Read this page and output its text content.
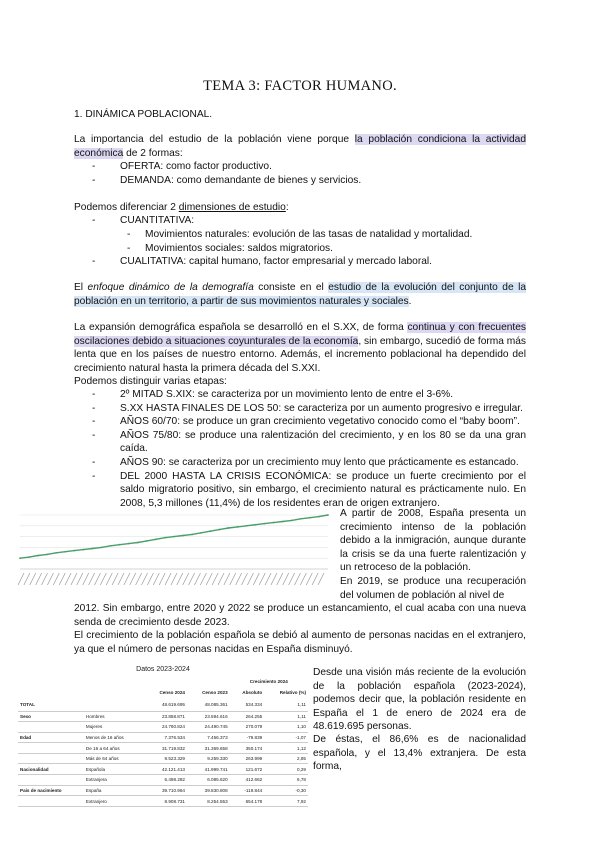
TEMA 3: FACTOR HUMANO.
1. DINÁMICA POBLACIONAL.
La importancia del estudio de la población viene porque la población condiciona la actividad económica de 2 formas:
- OFERTA: como factor productivo.
- DEMANDA: como demandante de bienes y servicios.
Podemos diferenciar 2 dimensiones de estudio:
- CUANTITATIVA:
- Movimientos naturales: evolución de las tasas de natalidad y mortalidad.
- Movimientos sociales: saldos migratorios.
- CUALITATIVA: capital humano, factor empresarial y mercado laboral.
El enfoque dinámico de la demografía consiste en el estudio de la evolución del conjunto de la población en un territorio, a partir de sus movimientos naturales y sociales.
La expansión demográfica española se desarrolló en el S.XX, de forma continua y con frecuentes oscilaciones debido a situaciones coyunturales de la economía, sin embargo, sucedió de forma más lenta que en los países de nuestro entorno. Además, el incremento poblacional ha dependido del crecimiento natural hasta la primera década del S.XXI.
Podemos distinguir varias etapas:
- 2º MITAD S.XIX: se caracteriza por un movimiento lento de entre el 3-6%.
- S.XX HASTA FINALES DE LOS 50: se caracteriza por un aumento progresivo e irregular.
- AÑOS 60/70: se produce un gran crecimiento vegetativo conocido como el “baby boom”.
- AÑOS 75/80: se produce una ralentización del crecimiento, y en los 80 se da una gran caída.
- AÑOS 90: se caracteriza por un crecimiento muy lento que prácticamente es estancado.
- DEL 2000 HASTA LA CRISIS ECONÓMICA: se produce un fuerte crecimiento por el saldo migratorio positivo, sin embargo, el crecimiento natural es prácticamente nulo. En 2008, 5,3 millones (11,4%) de los residentes eran de origen extranjero.
A partir de 2008, España presenta un crecimiento intenso de la población debido a la inmigración, aunque durante la crisis se da una fuerte ralentización y un retroceso de la población.
En 2019, se produce una recuperación del volumen de población al nivel de
2012. Sin embargo, entre 2020 y 2022 se produce un estancamiento, el cual acaba con una nueva senda de crecimiento desde 2023.
El crecimiento de la población española se debió al aumento de personas nacidas en el extranjero, ya que el número de personas nacidas en España disminuyó.
Datos 2023-2024
				Crecimiento 2024	
		Censo 2024	Censo 2023	Absoluto	Relativo (%)
TOTAL		48.619.695	48.085.361	534.334	1,11
Sexo	Hombres	23.858.871	23.594.616	264.255	1,11
	Mujeres	24.760.824	24.490.745	270.079	1,10
Edad	Menos de 16 años	7.376.534	7.456.373	-79.839	-1,07
	De 16 a 64 años	31.719.832	31.369.658	350.174	1,12
	Más de 64 años	9.523.329	9.259.330	263.999	2,85
Nacionalidad	Española	42.121.413	41.999.741	121.672	0,29
	Extranjera	6.498.282	6.085.620	412.662	6,78
País de nacimiento	España	39.710.964	39.830.808	-119.844	-0,30
	Extranjero	8.908.731	8.254.553	654.178	7,92
Desde una visión más reciente de la evolución de la población española (2023-2024), podemos decir que, la población residente en España el 1 de enero de 2024 era de 48.619.695 personas.
De éstas, el 86,6% es de nacionalidad española, y el 13,4% extranjera. De esta forma,
